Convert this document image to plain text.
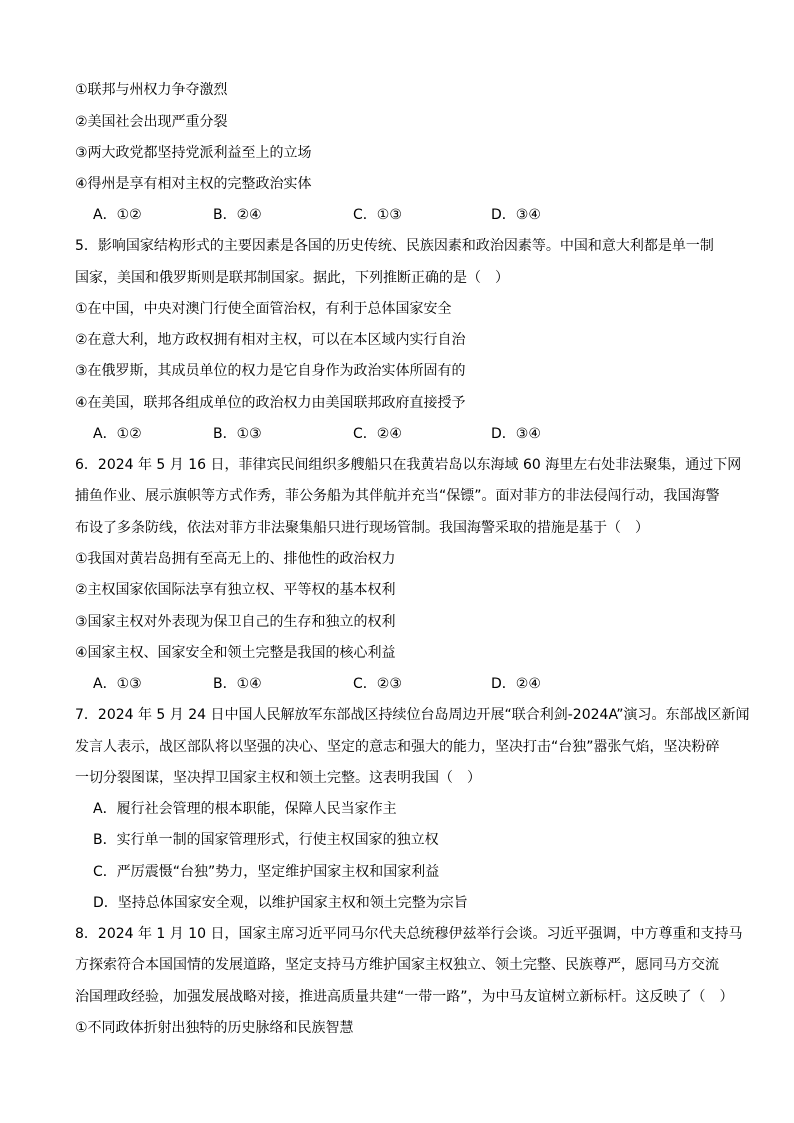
①联邦与州权力争夺激烈
②美国社会出现严重分裂
③两大政党都坚持党派利益至上的立场
④得州是享有相对主权的完整政治实体
A．①②	B．②④	C．①③	D．③④
5．影响国家结构形式的主要因素是各国的历史传统、民族因素和政治因素等。中国和意大利都是单一制
国家，美国和俄罗斯则是联邦制国家。据此，下列推断正确的是（　）
①在中国，中央对澳门行使全面管治权，有利于总体国家安全
②在意大利，地方政权拥有相对主权，可以在本区域内实行自治
③在俄罗斯，其成员单位的权力是它自身作为政治实体所固有的
④在美国，联邦各组成单位的政治权力由美国联邦政府直接授予
A．①②	B．①③	C．②④	D．③④
6．2024 年 5 月 16 日，菲律宾民间组织多艘船只在我黄岩岛以东海域 60 海里左右处非法聚集，通过下网
捕鱼作业、展示旗帜等方式作秀，菲公务船为其伴航并充当“保镖”。面对菲方的非法侵闯行动，我国海警
布设了多条防线，依法对菲方非法聚集船只进行现场管制。我国海警采取的措施是基于（　）
①我国对黄岩岛拥有至高无上的、排他性的政治权力
②主权国家依国际法享有独立权、平等权的基本权利
③国家主权对外表现为保卫自己的生存和独立的权利
④国家主权、国家安全和领土完整是我国的核心利益
A．①③	B．①④	C．②③	D．②④
7．2024 年 5 月 24 日中国人民解放军东部战区持续位台岛周边开展“联合利剑-2024A”演习。东部战区新闻
发言人表示，战区部队将以坚强的决心、坚定的意志和强大的能力，坚决打击“台独”嚣张气焰，坚决粉碎
一切分裂图谋，坚决捍卫国家主权和领土完整。这表明我国（　）
A．履行社会管理的根本职能，保障人民当家作主
B．实行单一制的国家管理形式，行使主权国家的独立权
C．严厉震慑“台独”势力，坚定维护国家主权和国家利益
D．坚持总体国家安全观，以维护国家主权和领土完整为宗旨
8．2024 年 1 月 10 日，国家主席习近平同马尔代夫总统穆伊兹举行会谈。习近平强调，中方尊重和支持马
方探索符合本国国情的发展道路，坚定支持马方维护国家主权独立、领土完整、民族尊严，愿同马方交流
治国理政经验，加强发展战略对接，推进高质量共建“一带一路”，为中马友谊树立新标杆。这反映了（　）
①不同政体折射出独特的历史脉络和民族智慧
